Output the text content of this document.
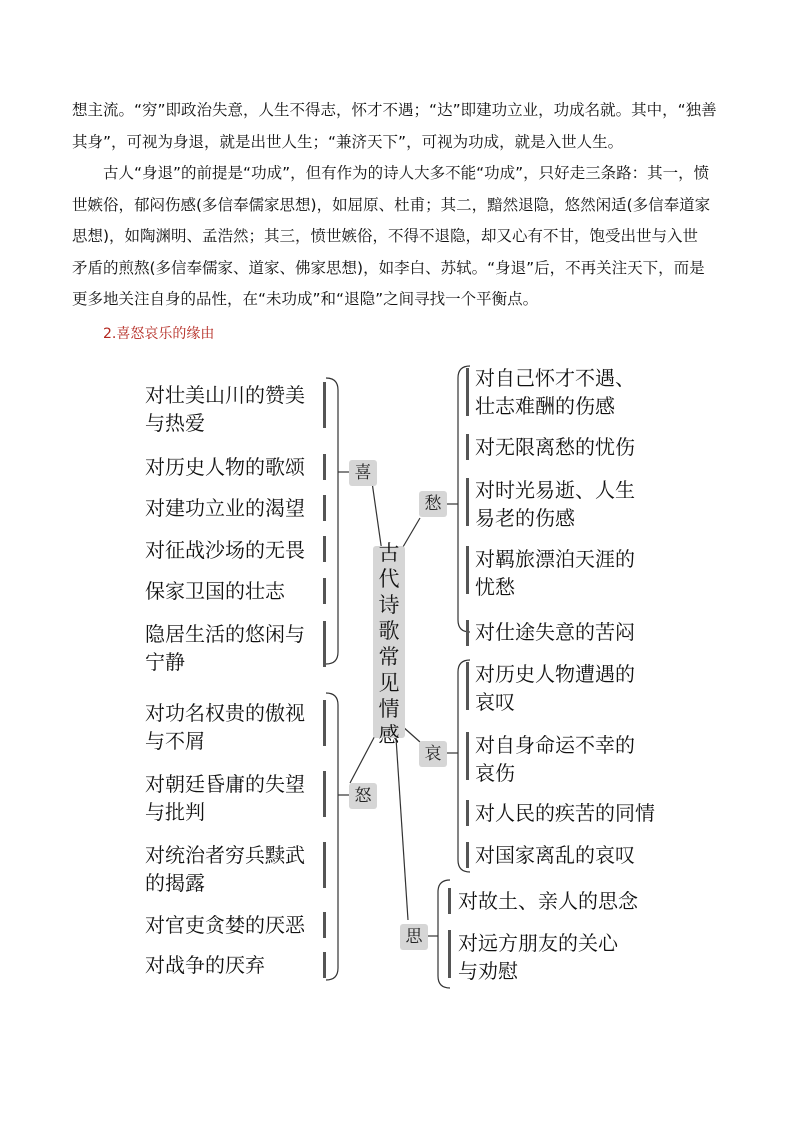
想主流。“穷”即政治失意，人生不得志，怀才不遇；“达”即建功立业，功成名就。其中，“独善
其身”，可视为身退，就是出世人生；“兼济天下”，可视为功成，就是入世人生。

古人“身退”的前提是“功成”，但有作为的诗人大多不能“功成”，只好走三条路：其一，愤
世嫉俗，郁闷伤感(多信奉儒家思想)，如屈原、杜甫；其二，黯然退隐，悠然闲适(多信奉道家
思想)，如陶渊明、孟浩然；其三，愤世嫉俗，不得不退隐，却又心有不甘，饱受出世与入世
矛盾的煎熬(多信奉儒家、道家、佛家思想)，如李白、苏轼。“身退”后，不再关注天下，而是
更多地关注自身的品性，在“未功成”和“退隐”之间寻找一个平衡点。

2.喜怒哀乐的缘由

古
代
诗
歌
常
见
情
感
喜
怒
愁
哀
思
对壮美山川的赞美
与热爱
对历史人物的歌颂
对建功立业的渴望
对征战沙场的无畏
保家卫国的壮志
隐居生活的悠闲与
宁静
对功名权贵的傲视
与不屑
对朝廷昏庸的失望
与批判
对统治者穷兵黩武
的揭露
对官吏贪婪的厌恶
对战争的厌弃
对自己怀才不遇、
壮志难酬的伤感
对无限离愁的忧伤
对时光易逝、人生
易老的伤感
对羁旅漂泊天涯的
忧愁
对仕途失意的苦闷
对历史人物遭遇的
哀叹
对自身命运不幸的
哀伤
对人民的疾苦的同情
对国家离乱的哀叹
对故土、亲人的思念
对远方朋友的关心
与劝慰
